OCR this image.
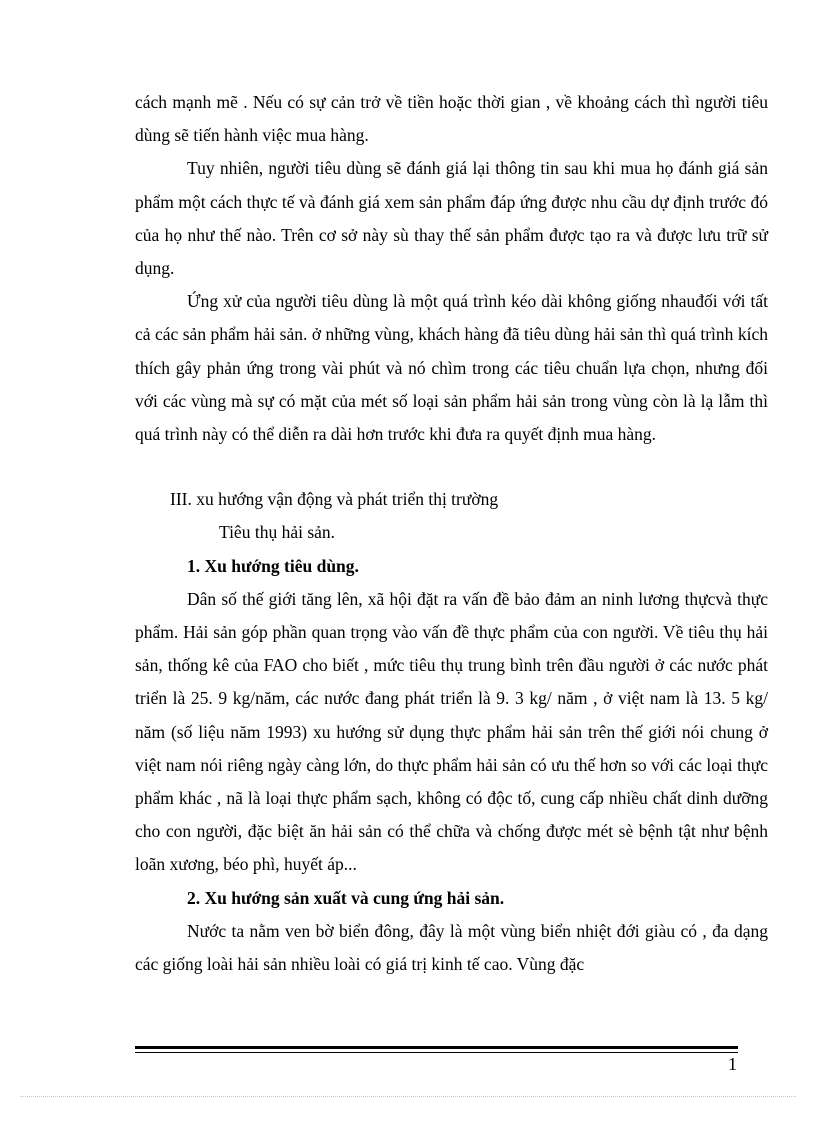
cách mạnh mẽ . Nếu có sự cản trở về tiền hoặc thời gian , về khoảng cách thì người tiêu dùng sẽ tiến hành việc mua hàng.

Tuy nhiên, người tiêu dùng sẽ đánh giá lại thông tin sau khi mua họ đánh giá sản phẩm một cách thực tế và đánh giá xem sản phẩm đáp ứng được nhu cầu dự định trước đó của họ như thế nào. Trên cơ sở này sù thay thế sản phẩm được tạo ra và được lưu trữ sử dụng.

Ứng xử của người tiêu dùng là một quá trình kéo dài không giống nhauđối với tất cả các sản phẩm hải sản. ở những vùng, khách hàng đã tiêu dùng hải sản thì quá trình kích thích gây phản ứng trong vài phút và nó chìm trong các tiêu chuẩn lựa chọn, nhưng đối với các vùng mà sự có mặt của mét số loại sản phẩm hải sản trong vùng còn là lạ lẫm thì quá trình này có thể diễn ra dài hơn trước khi đưa ra quyết định mua hàng.

III. xu hướng vận động và phát triển thị trường

Tiêu thụ hải sản.

1. Xu hướng tiêu dùng.

Dân số thế giới tăng lên, xã hội đặt ra vấn đề bảo đảm an ninh lương thựcvà thực phẩm. Hải sản góp phần quan trọng vào vấn đề thực phẩm của con người. Về tiêu thụ hải sản, thống kê của FAO cho biết , mức tiêu thụ trung bình trên đầu người ở các nước phát triển là 25. 9 kg/năm, các nước đang phát triển là 9. 3 kg/ năm , ở việt nam là 13. 5 kg/ năm (số liệu năm 1993) xu hướng sử dụng thực phẩm hải sản trên thế giới nói chung ở việt nam nói riêng ngày càng lớn, do thực phẩm hải sản có ưu thế hơn so với các loại thực phẩm khác , nã là loại thực phẩm sạch, không có độc tố, cung cấp nhiều chất dinh dưỡng cho con người, đặc biệt ăn hải sản có thể chữa và chống được mét sè bệnh tật như bệnh loãn xương, béo phì, huyết áp...

2. Xu hướng sản xuất và cung ứng hải sản.

Nước ta nằm ven bờ biển đông, đây là một vùng biển nhiệt đới giàu có , đa dạng các giống loài hải sản nhiều loài có giá trị kinh tế cao. Vùng đặc

1
